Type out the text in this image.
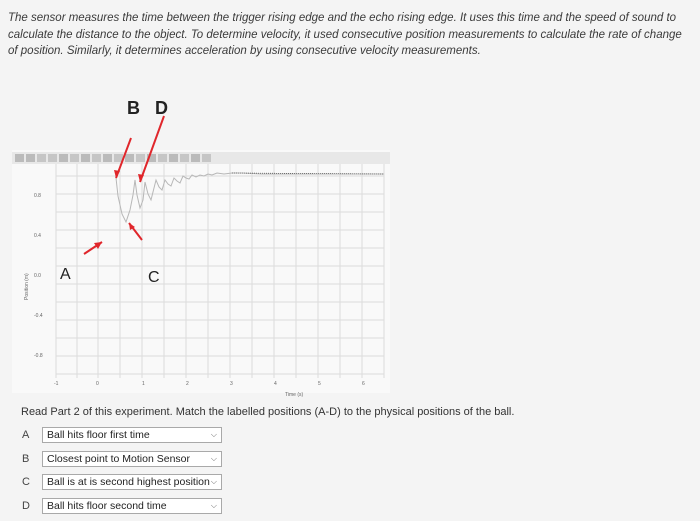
The sensor measures the time between the trigger rising edge and the echo rising edge. It uses this time and the speed of sound to calculate the distance to the object. To determine velocity, it used consecutive position measurements to calculate the rate of change of position. Similarly, it determines acceleration by using consecutive velocity measurements.
B D
0.8
0.4
0.0
-0.4
-0.8
-1	0	1	2	3	4	5	6
Time (s)
Position (m) A	C
Read Part 2 of this experiment. Match the labelled positions (A-D) to the physical positions of the ball.
A	Ball hits floor first time	⌵
B	Closest point to Motion Sensor	⌵
C	Ball is at is second highest position ⌵
D	Ball hits floor second time	⌵
